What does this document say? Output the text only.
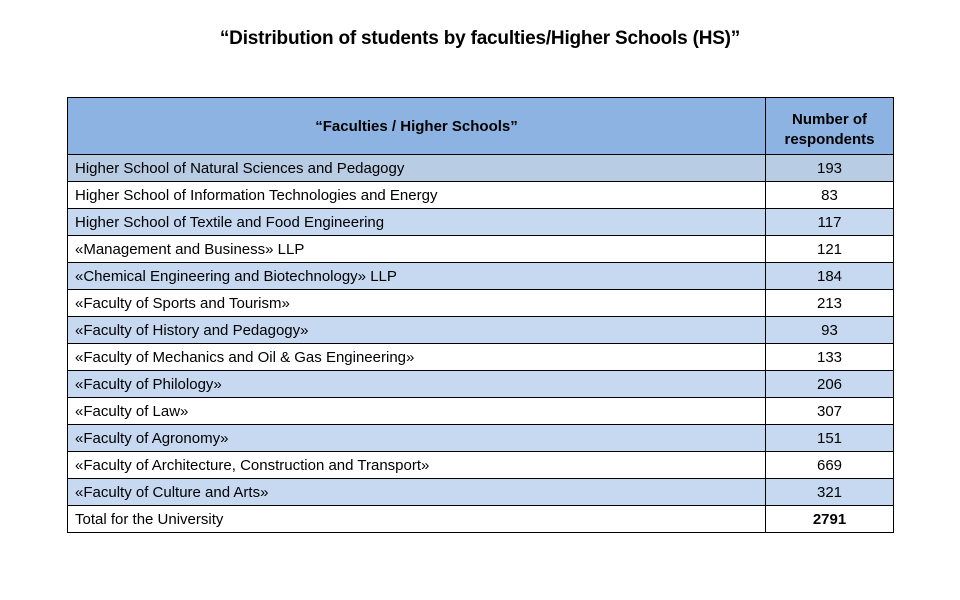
“Distribution of students by faculties/Higher Schools (HS)”
“Faculties / Higher Schools”	Number of respondents
Higher School of Natural Sciences and Pedagogy	193
Higher School of Information Technologies and Energy	83
Higher School of Textile and Food Engineering	117
«Management and Business» LLP	121
«Chemical Engineering and Biotechnology» LLP	184
«Faculty of Sports and Tourism»	213
«Faculty of History and Pedagogy»	93
«Faculty of Mechanics and Oil & Gas Engineering»	133
«Faculty of Philology»	206
«Faculty of Law»	307
«Faculty of Agronomy»	151
«Faculty of Architecture, Construction and Transport»	669
«Faculty of Culture and Arts»	321
Total for the University	2791
